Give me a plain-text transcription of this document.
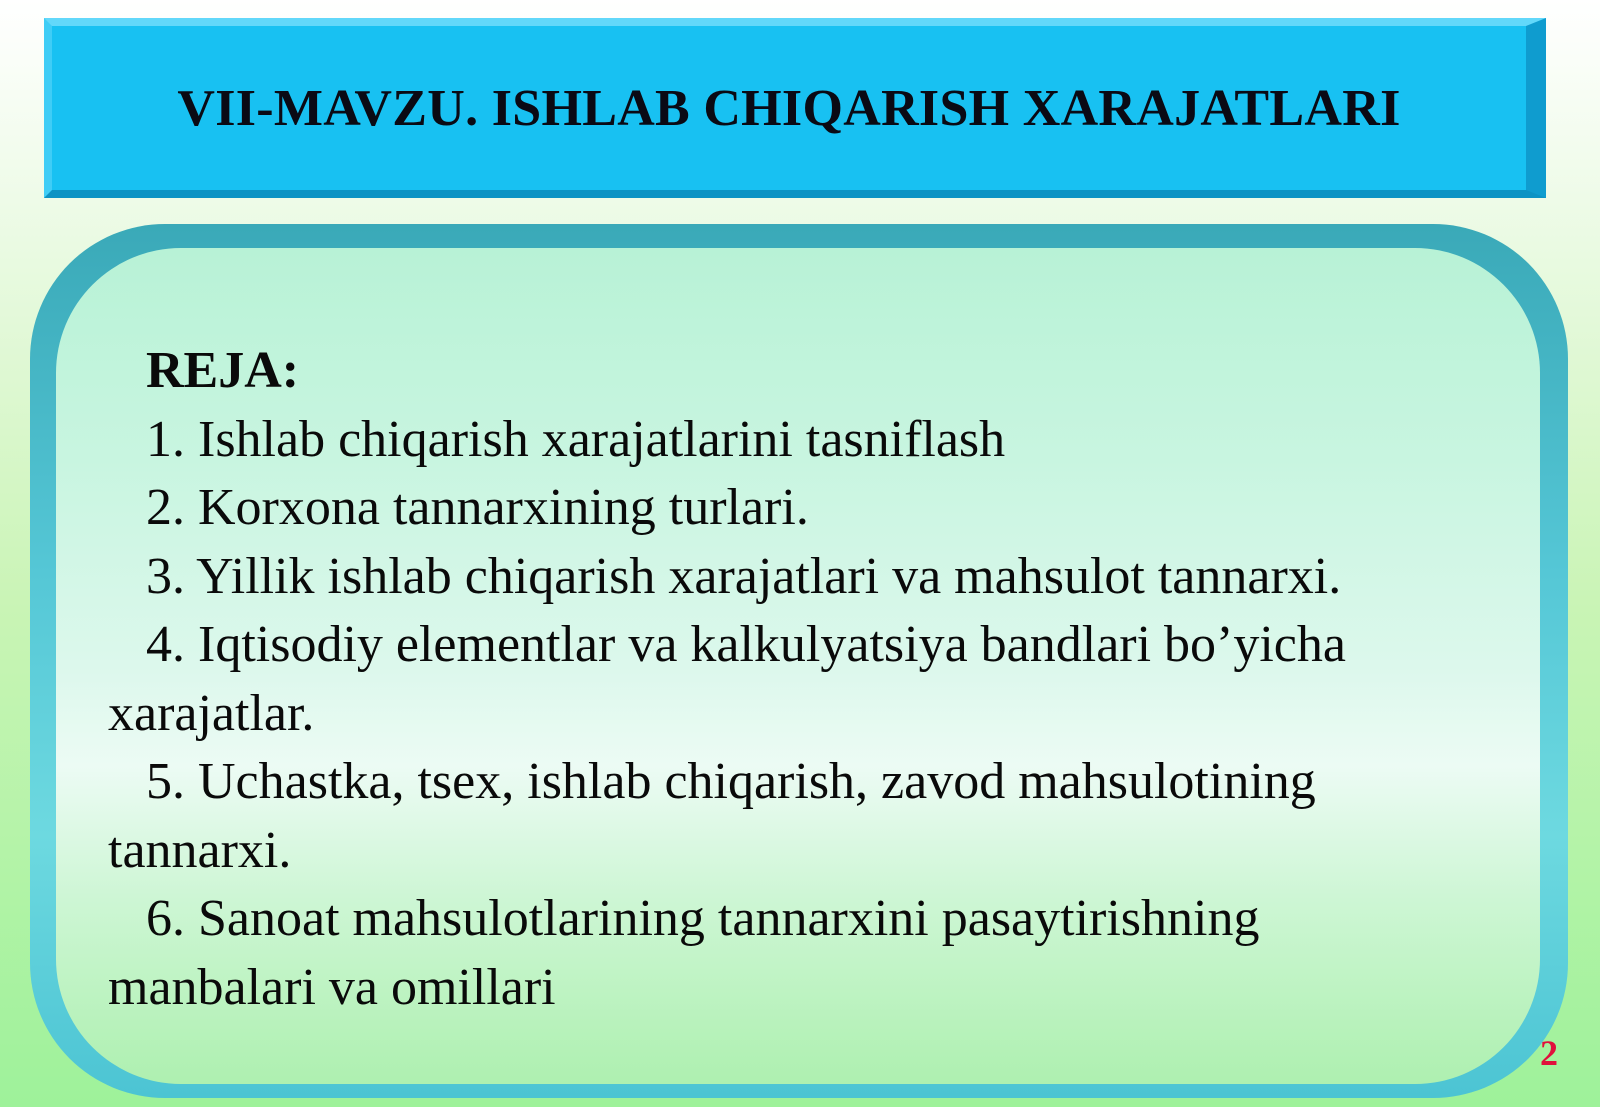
VII-MAVZU. ISHLAB CHIQARISH XARAJATLARI
REJA:
1. Ishlab chiqarish xarajatlarini tasniflash
2. Korxona tannarxining turlari.
3. Yillik ishlab chiqarish xarajatlari va mahsulot tannarxi.
4. Iqtisodiy elementlar va kalkulyatsiya bandlari bo’yicha
xarajatlar.
5. Uchastka, tsex, ishlab chiqarish, zavod mahsulotining
tannarxi.
6. Sanoat mahsulotlarining tannarxini pasaytirishning
manbalari va omillari
2
